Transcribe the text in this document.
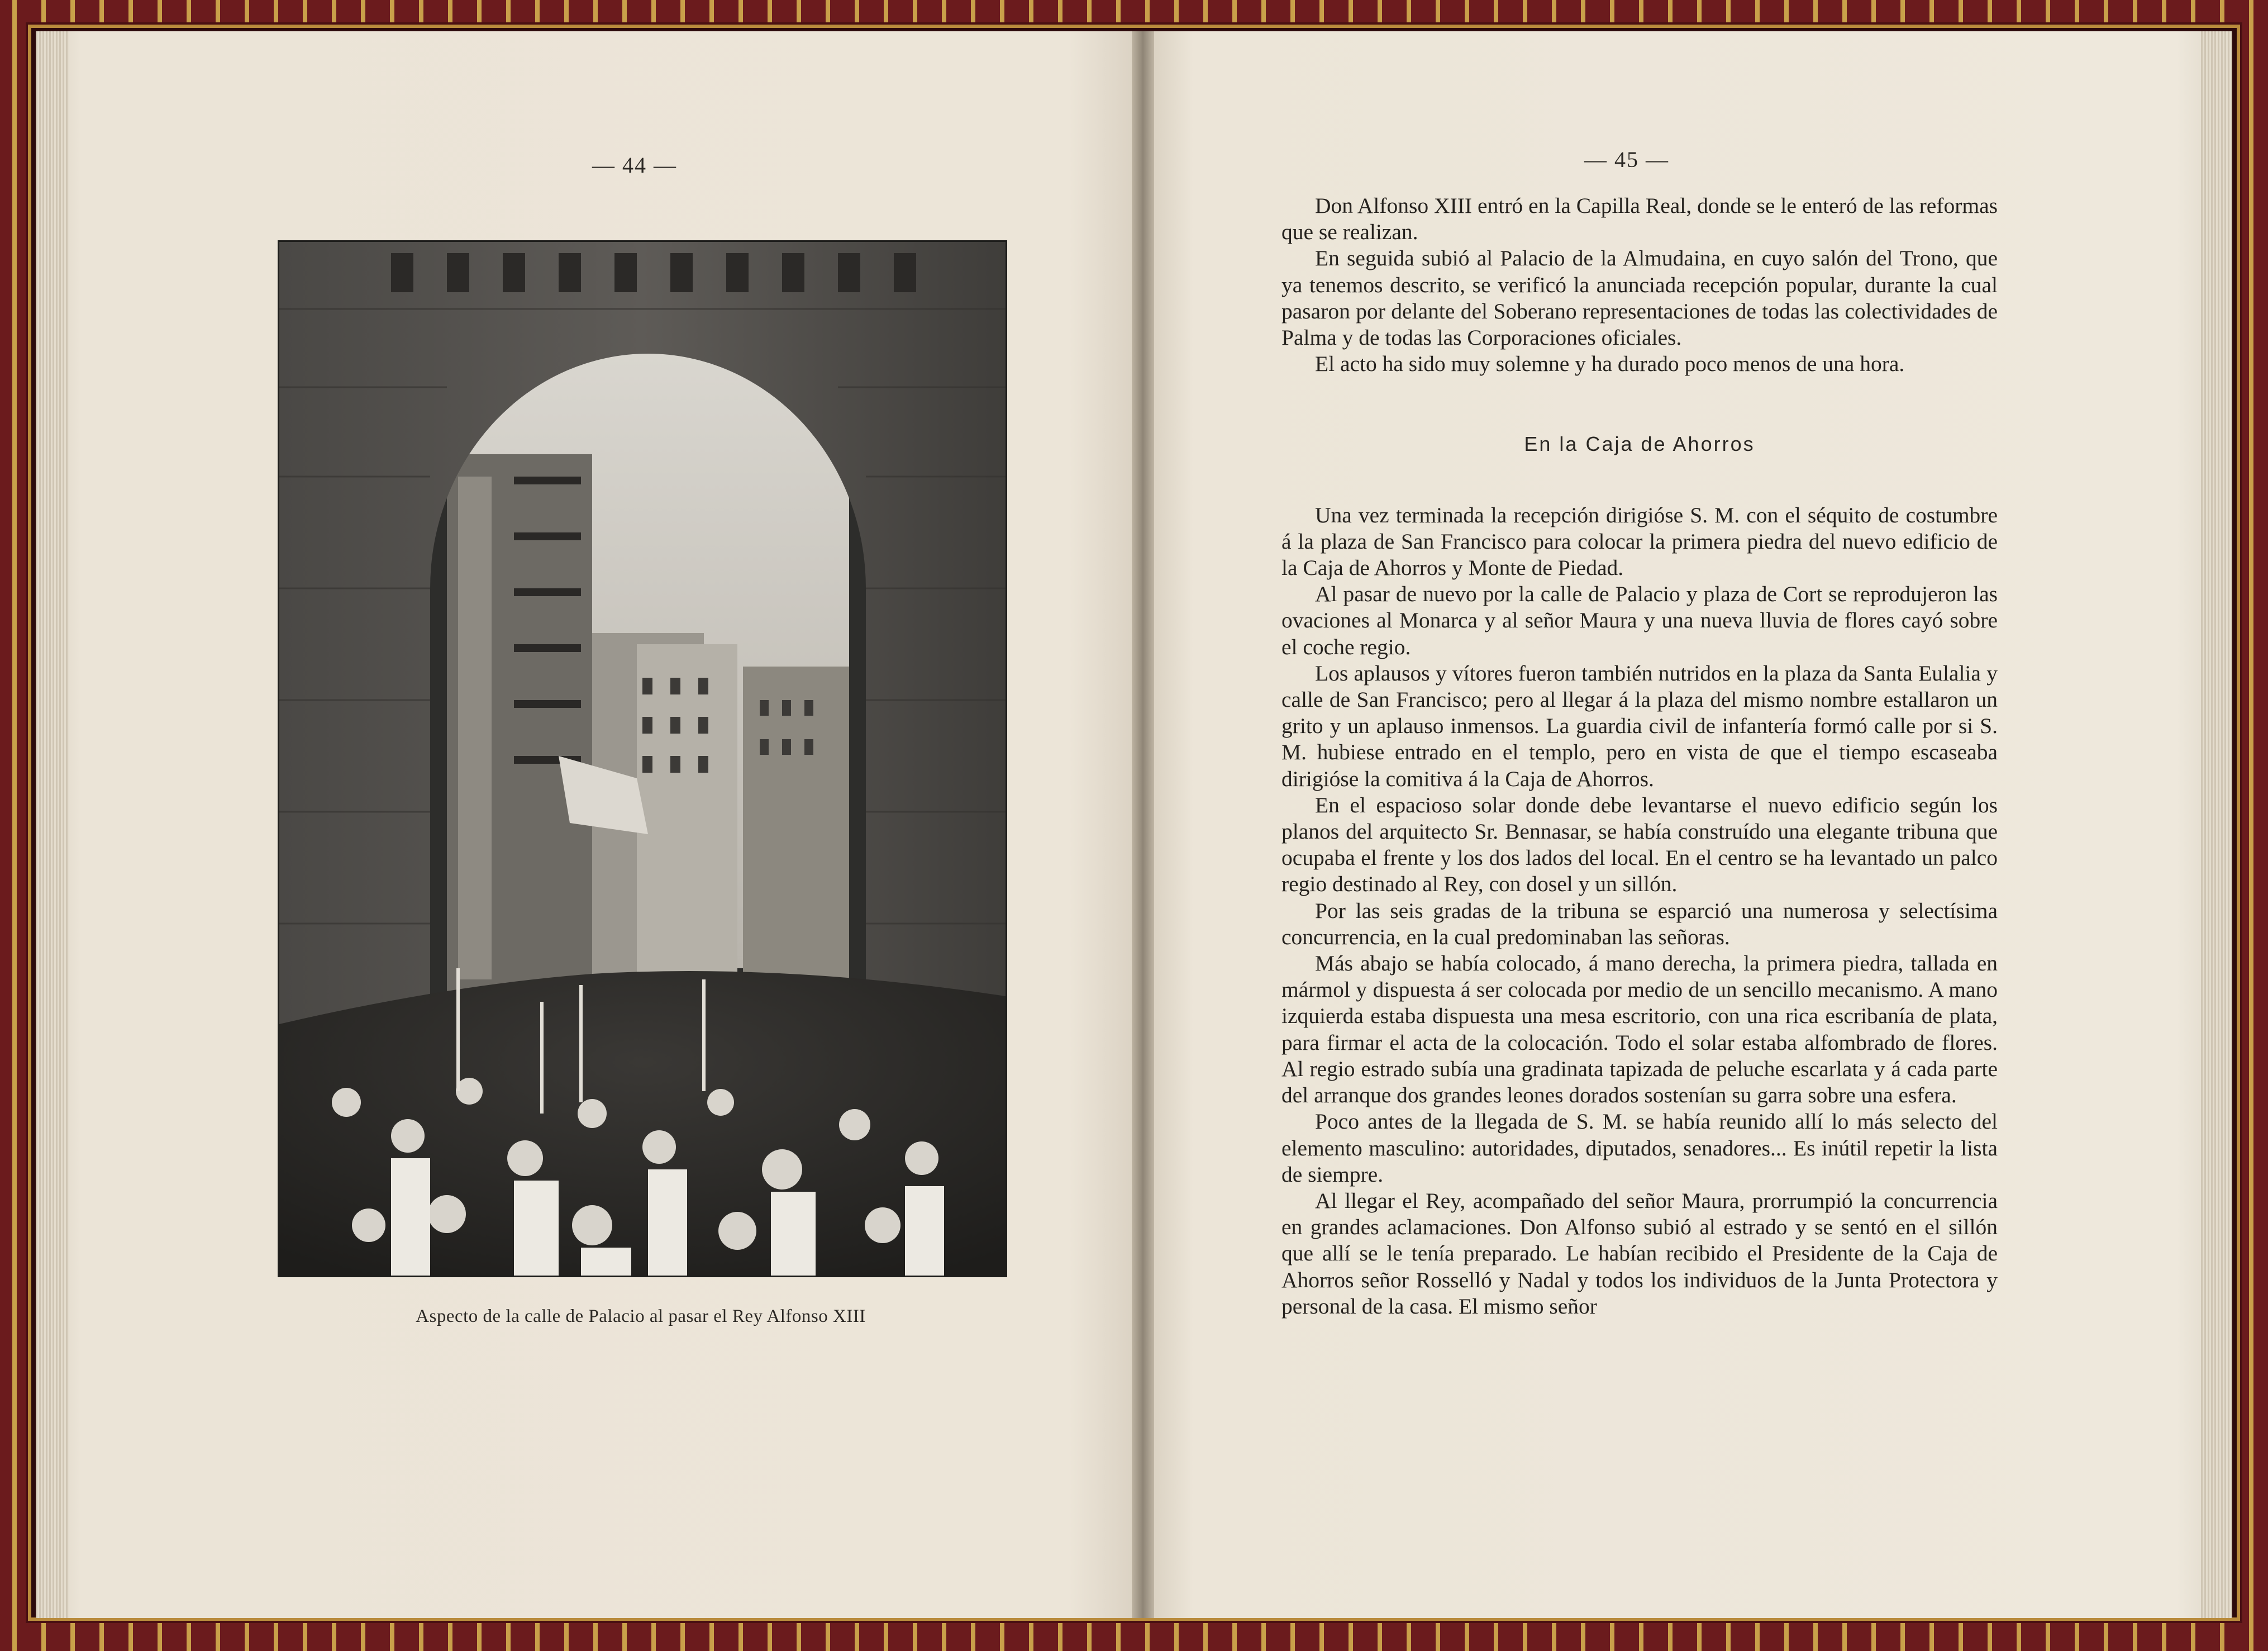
— 44 —
Aspecto de la calle de Palacio al pasar el Rey Alfonso XIII
— 45 —

Don Alfonso XIII entró en la Capilla Real, donde se le enteró de las reformas que se realizan.

En seguida subió al Palacio de la Almudaina, en cuyo salón del Trono, que ya tenemos descrito, se verificó la anunciada recepción popular, durante la cual pasaron por delante del Soberano representaciones de todas las colectividades de Palma y de todas las Corporaciones oficiales.

El acto ha sido muy solemne y ha durado poco menos de una hora.

En la Caja de Ahorros

Una vez terminada la recepción dirigióse S. M. con el séquito de costumbre á la plaza de San Francisco para colocar la primera piedra del nuevo edificio de la Caja de Ahorros y Monte de Piedad.

Al pasar de nuevo por la calle de Palacio y plaza de Cort se reprodujeron las ovaciones al Monarca y al señor Maura y una nueva lluvia de flores cayó sobre el coche regio.

Los aplausos y vítores fueron también nutridos en la plaza da Santa Eulalia y calle de San Francisco; pero al llegar á la plaza del mismo nombre estallaron un grito y un aplauso inmensos. La guardia civil de infantería formó calle por si S. M. hubiese entrado en el templo, pero en vista de que el tiempo escaseaba dirigióse la comitiva á la Caja de Ahorros.

En el espacioso solar donde debe levantarse el nuevo edificio según los planos del arquitecto Sr. Bennasar, se había construído una elegante tribuna que ocupaba el frente y los dos lados del local. En el centro se ha levantado un palco regio destinado al Rey, con dosel y un sillón.

Por las seis gradas de la tribuna se esparció una numerosa y selectísima concurrencia, en la cual predominaban las señoras.

Más abajo se había colocado, á mano derecha, la primera piedra, tallada en mármol y dispuesta á ser colocada por medio de un sencillo mecanismo. A mano izquierda estaba dispuesta una mesa escritorio, con una rica escribanía de plata, para firmar el acta de la colocación. Todo el solar estaba alfombrado de flores. Al regio estrado subía una gradinata tapizada de peluche escarlata y á cada parte del arranque dos grandes leones dorados sostenían su garra sobre una esfera.

Poco antes de la llegada de S. M. se había reunido allí lo más selecto del elemento masculino: autoridades, diputados, senadores... Es inútil repetir la lista de siempre.

Al llegar el Rey, acompañado del señor Maura, prorrumpió la concurrencia en grandes aclamaciones. Don Alfonso subió al estrado y se sentó en el sillón que allí se le tenía preparado. Le habían recibido el Presidente de la Caja de Ahorros señor Rosselló y Nadal y todos los individuos de la Junta Protectora y personal de la casa. El mismo señor
